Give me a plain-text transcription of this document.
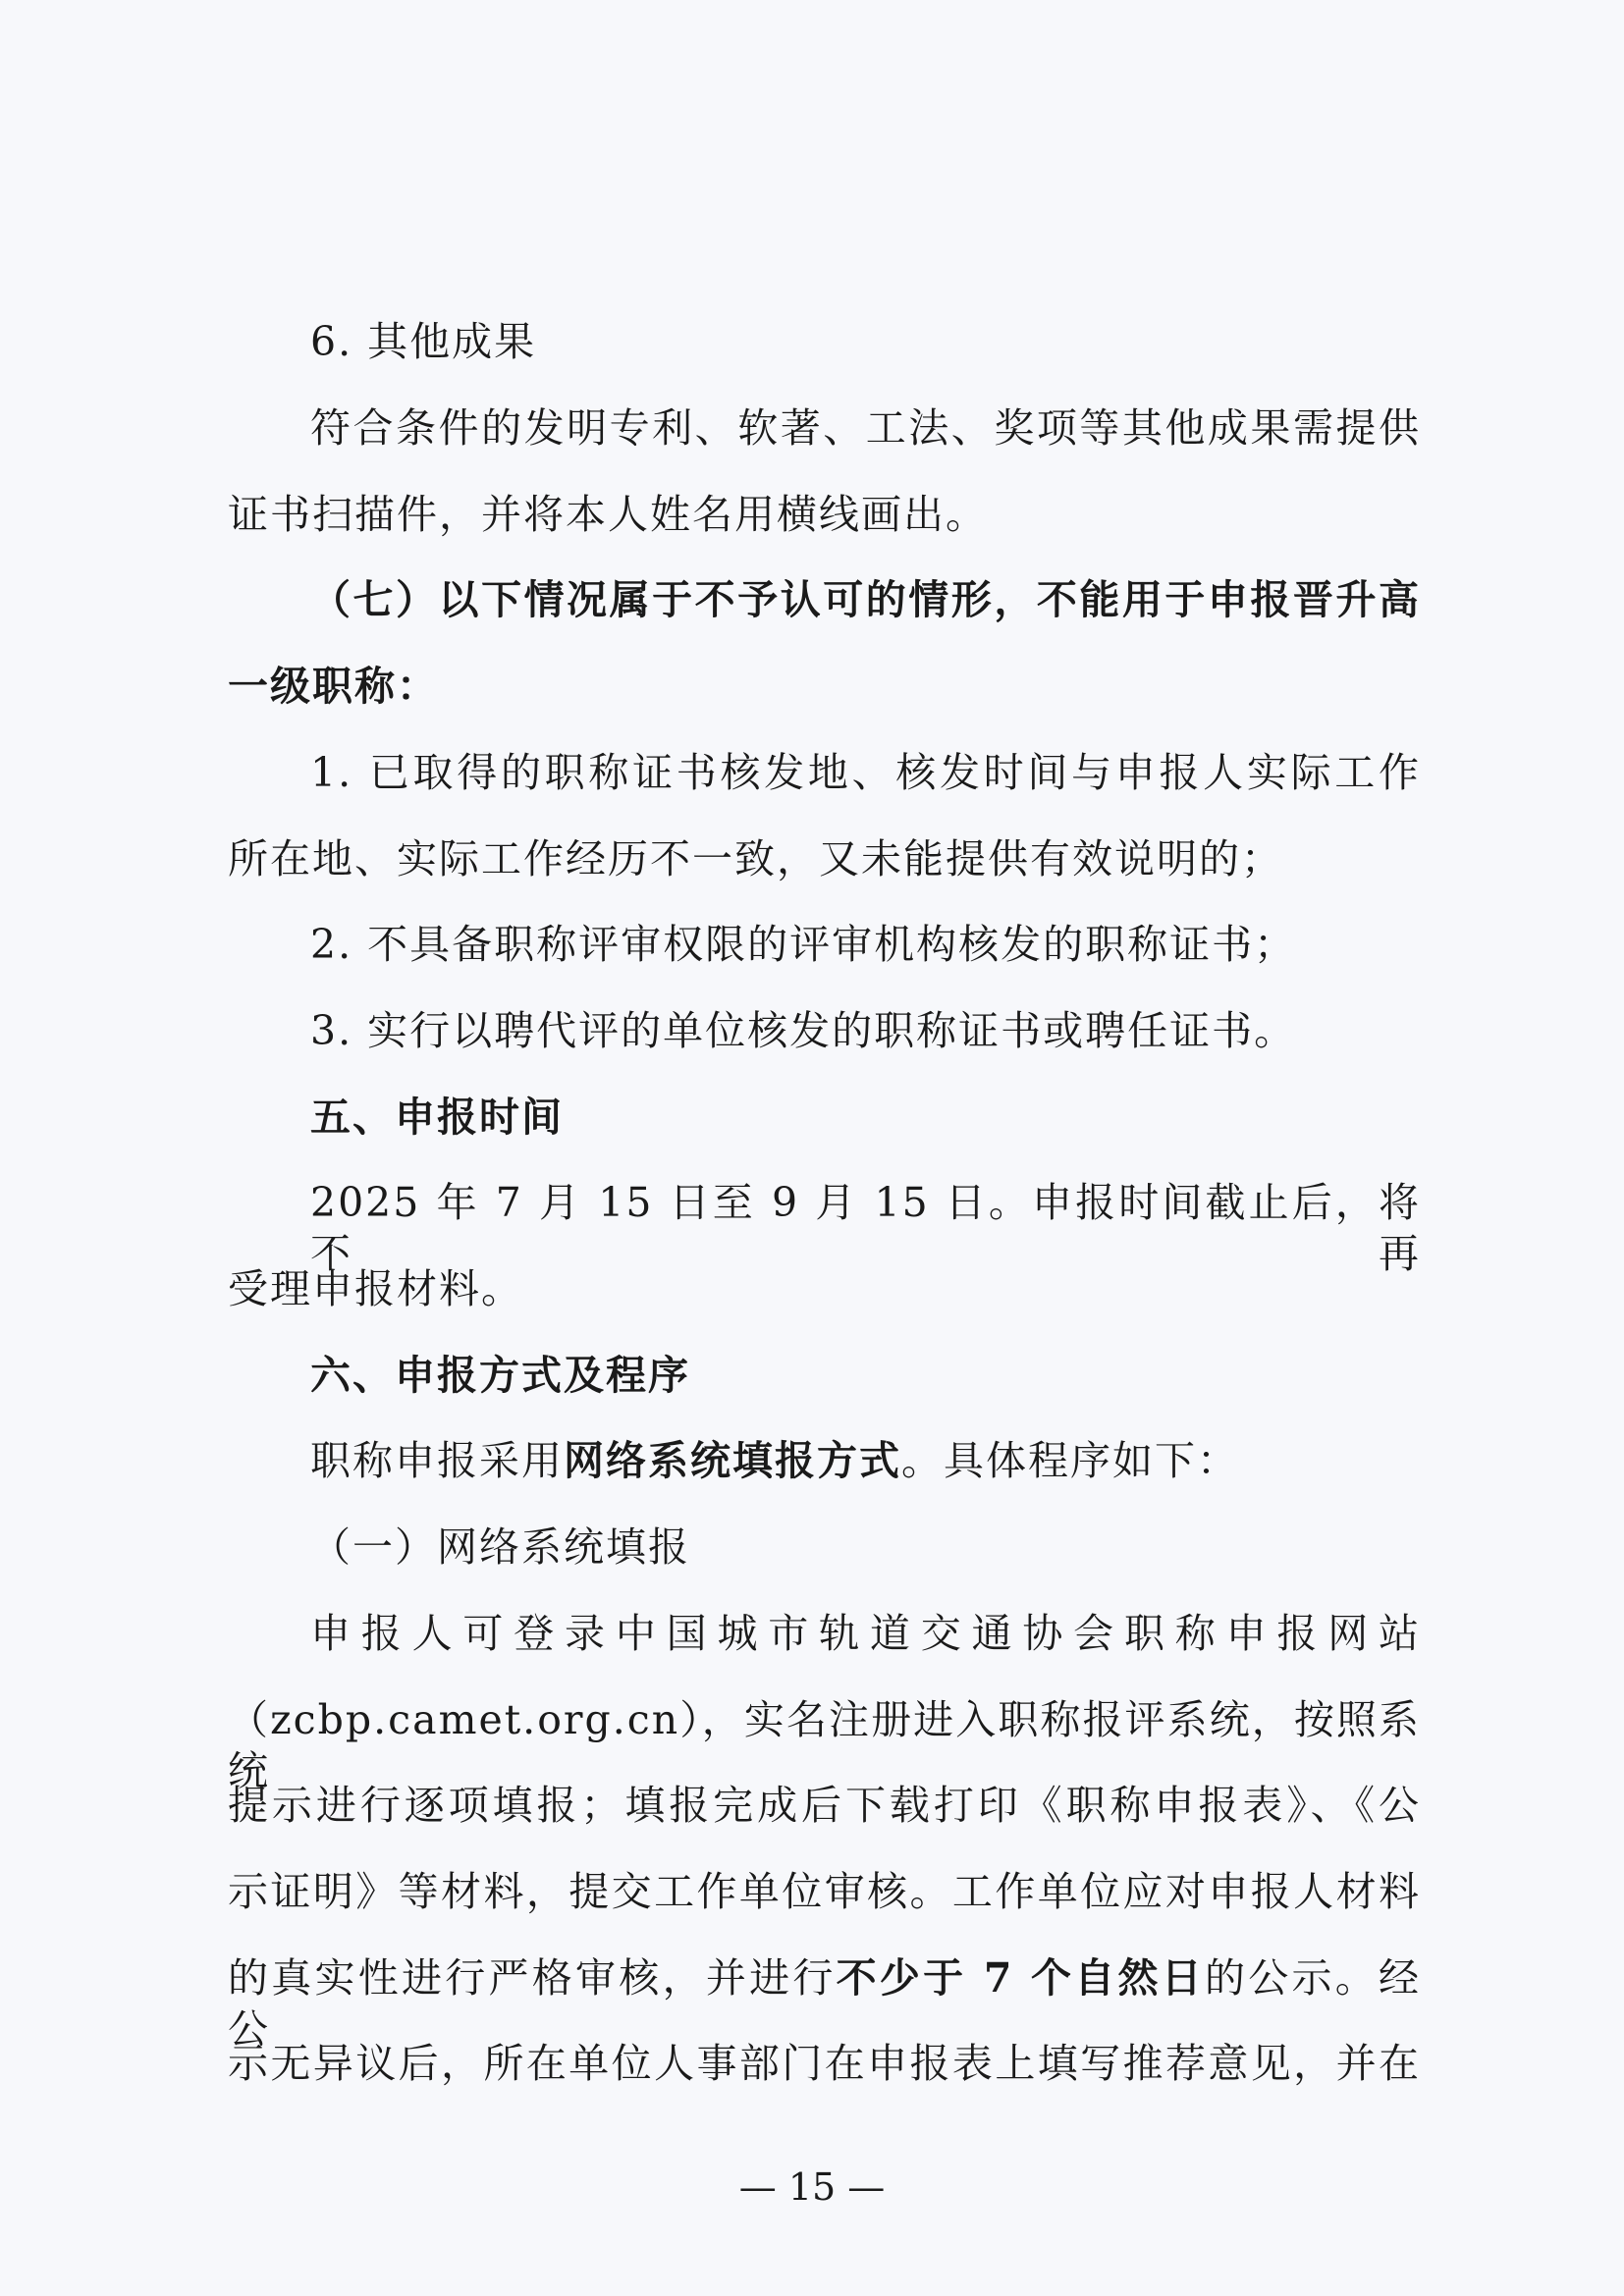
6. 其他成果
符合条件的发明专利、软著、工法、奖项等其他成果需提供
证书扫描件，并将本人姓名用横线画出。
（七）以下情况属于不予认可的情形，不能用于申报晋升高
一级职称：
1. 已取得的职称证书核发地、核发时间与申报人实际工作
所在地、实际工作经历不一致，又未能提供有效说明的；
2. 不具备职称评审权限的评审机构核发的职称证书；
3. 实行以聘代评的单位核发的职称证书或聘任证书。
五、申报时间
2025 年 7 月 15 日至 9 月 15 日。申报时间截止后，将不再
受理申报材料。
六、申报方式及程序
职称申报采用网络系统填报方式。具体程序如下：
（一）网络系统填报
申报人可登录中国城市轨道交通协会职称申报网站
（zcbp.camet.org.cn），实名注册进入职称报评系统，按照系统
提示进行逐项填报；填报完成后下载打印《职称申报表》、《公
示证明》等材料，提交工作单位审核。工作单位应对申报人材料
的真实性进行严格审核，并进行不少于 7 个自然日的公示。经公
示无异议后，所在单位人事部门在申报表上填写推荐意见，并在
— 15 —
